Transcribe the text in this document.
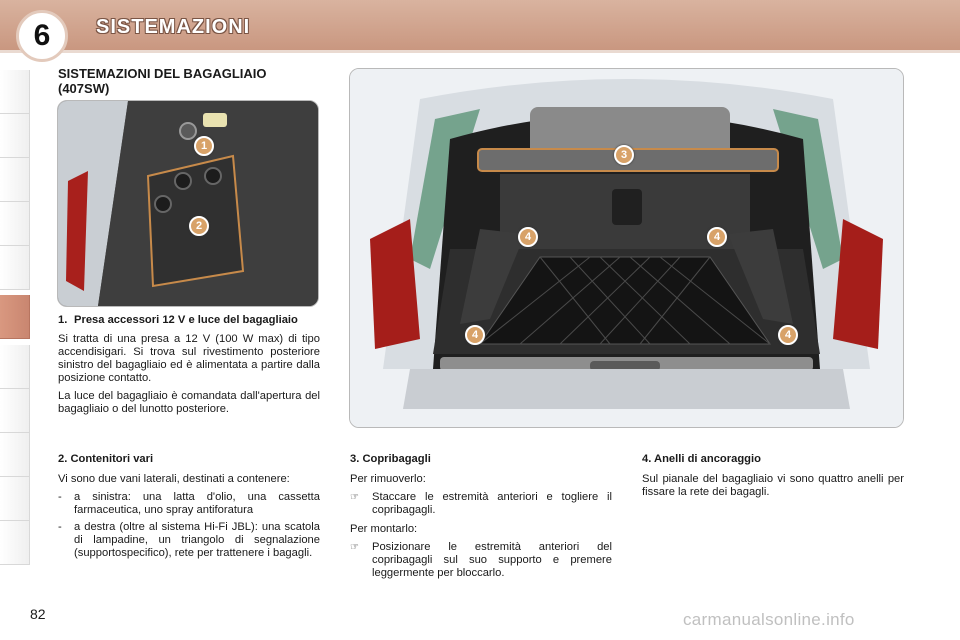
6	SISTEMAZIONI
SISTEMAZIONI DEL BAGAGLIAIO (407SW)
1
2
3
4	4
4	4
1. Presa accessori 12 V e luce del bagagliaio

Si tratta di una presa a 12 V (100 W max) di tipo accendisigari. Si trova sul rivestimento posteriore sinistro del bagagliaio ed è alimentata a partire dalla posizione contatto.

La luce del bagagliaio è comandata dall'apertura del bagagliaio o del lunotto posteriore.

2. Contenitori vari

Vi sono due vani laterali, destinati a contenere:

-	a sinistra: una latta d'olio, una cassetta farmaceutica, uno spray antiforatura
-	a destra (oltre al sistema Hi-Fi JBL): una scatola di lampadine, un triangolo di segnalazione (supportospecifico), rete per trattenere i bagagli.
3. Copribagagli

Per rimuoverlo:

☞	Staccare le estremità anteriori e togliere il copribagagli.

Per montarlo:

☞	Posizionare le estremità anteriori del copribagagli sul suo supporto e premere leggermente per bloccarlo.
4. Anelli di ancoraggio

Sul pianale del bagagliaio vi sono quattro anelli per fissare la rete dei bagagli.

82	carmanualsonline.info
